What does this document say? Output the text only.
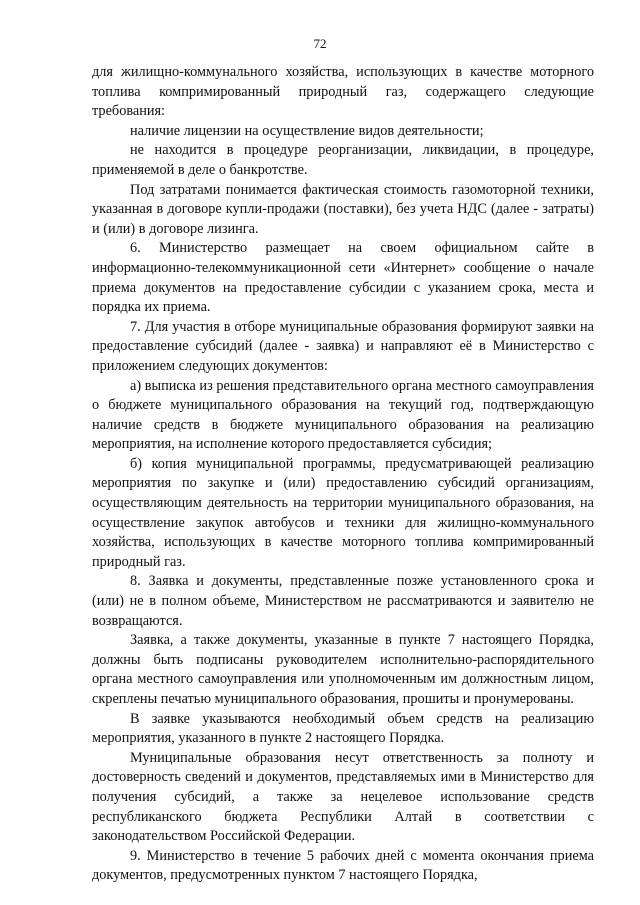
72

для жилищно-коммунального хозяйства, использующих в качестве моторного топлива компримированный природный газ, содержащего следующие требования:

наличие лицензии на осуществление видов деятельности;

не находится в процедуре реорганизации, ликвидации, в процедуре, применяемой в деле о банкротстве.

Под затратами понимается фактическая стоимость газомоторной техники, указанная в договоре купли-продажи (поставки), без учета НДС (далее - затраты) и (или) в договоре лизинга.

6. Министерство размещает на своем официальном сайте в информационно-телекоммуникационной сети «Интернет» сообщение о начале приема документов на предоставление субсидии с указанием срока, места и порядка их приема.

7. Для участия в отборе муниципальные образования формируют заявки на предоставление субсидий (далее - заявка) и направляют её в Министерство с приложением следующих документов:

а) выписка из решения представительного органа местного самоуправления о бюджете муниципального образования на текущий год, подтверждающую наличие средств в бюджете муниципального образования на реализацию мероприятия, на исполнение которого предоставляется субсидия;

б) копия муниципальной программы, предусматривающей реализацию мероприятия по закупке и (или) предоставлению субсидий организациям, осуществляющим деятельность на территории муниципального образования, на осуществление закупок автобусов и техники для жилищно-коммунального хозяйства, использующих в качестве моторного топлива компримированный природный газ.

8. Заявка и документы, представленные позже установленного срока и (или) не в полном объеме, Министерством не рассматриваются и заявителю не возвращаются.

Заявка, а также документы, указанные в пункте 7 настоящего Порядка, должны быть подписаны руководителем исполнительно-распорядительного органа местного самоуправления или уполномоченным им должностным лицом, скреплены печатью муниципального образования, прошиты и пронумерованы.

В заявке указываются необходимый объем средств на реализацию мероприятия, указанного в пункте 2 настоящего Порядка.

Муниципальные образования несут ответственность за полноту и достоверность сведений и документов, представляемых ими в Министерство для получения субсидий, а также за нецелевое использование средств республиканского бюджета Республики Алтай в соответствии с законодательством Российской Федерации.

9. Министерство в течение 5 рабочих дней с момента окончания приема документов, предусмотренных пунктом 7 настоящего Порядка,
